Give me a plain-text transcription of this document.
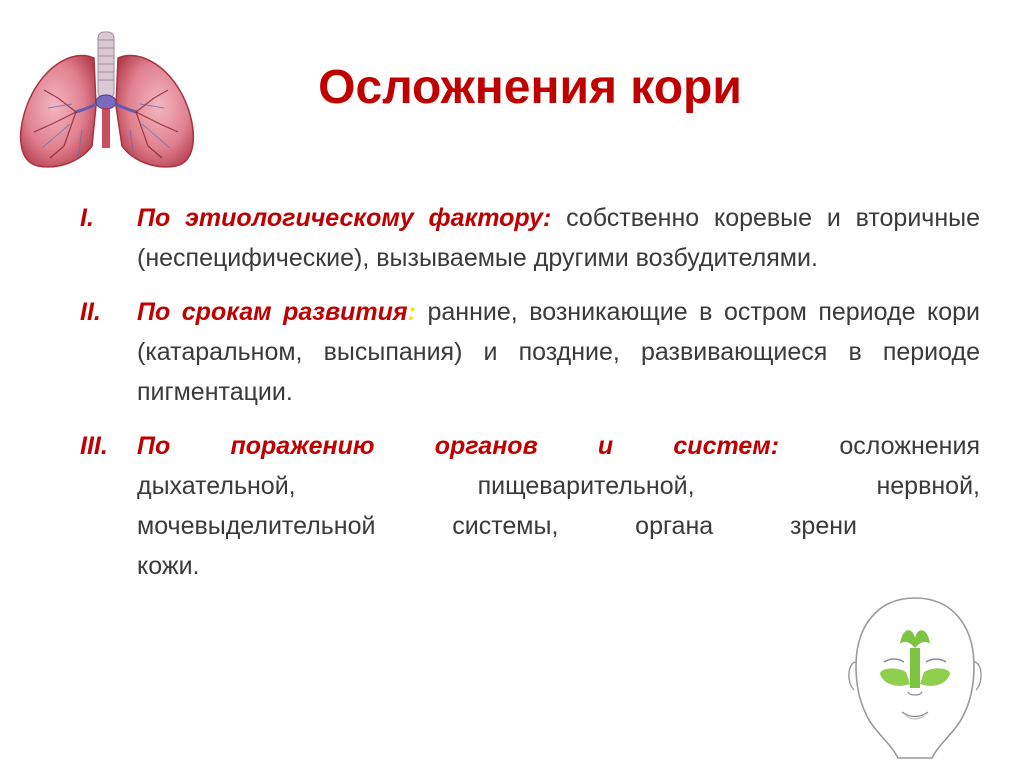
Осложнения кори
I. По этиологическому фактору: собственно коревые и вторичные (неспецифические), вызываемые другими возбудителями.
II. По срокам развития: ранние, возникающие в остром периоде кори (катаральном, высыпания) и поздние, развивающиеся в периоде пигментации.
III. По поражению органов и систем: осложнения
дыхательной, пищеварительной, нервной,
мочевыделительной системы, органа зрени
кожи.
